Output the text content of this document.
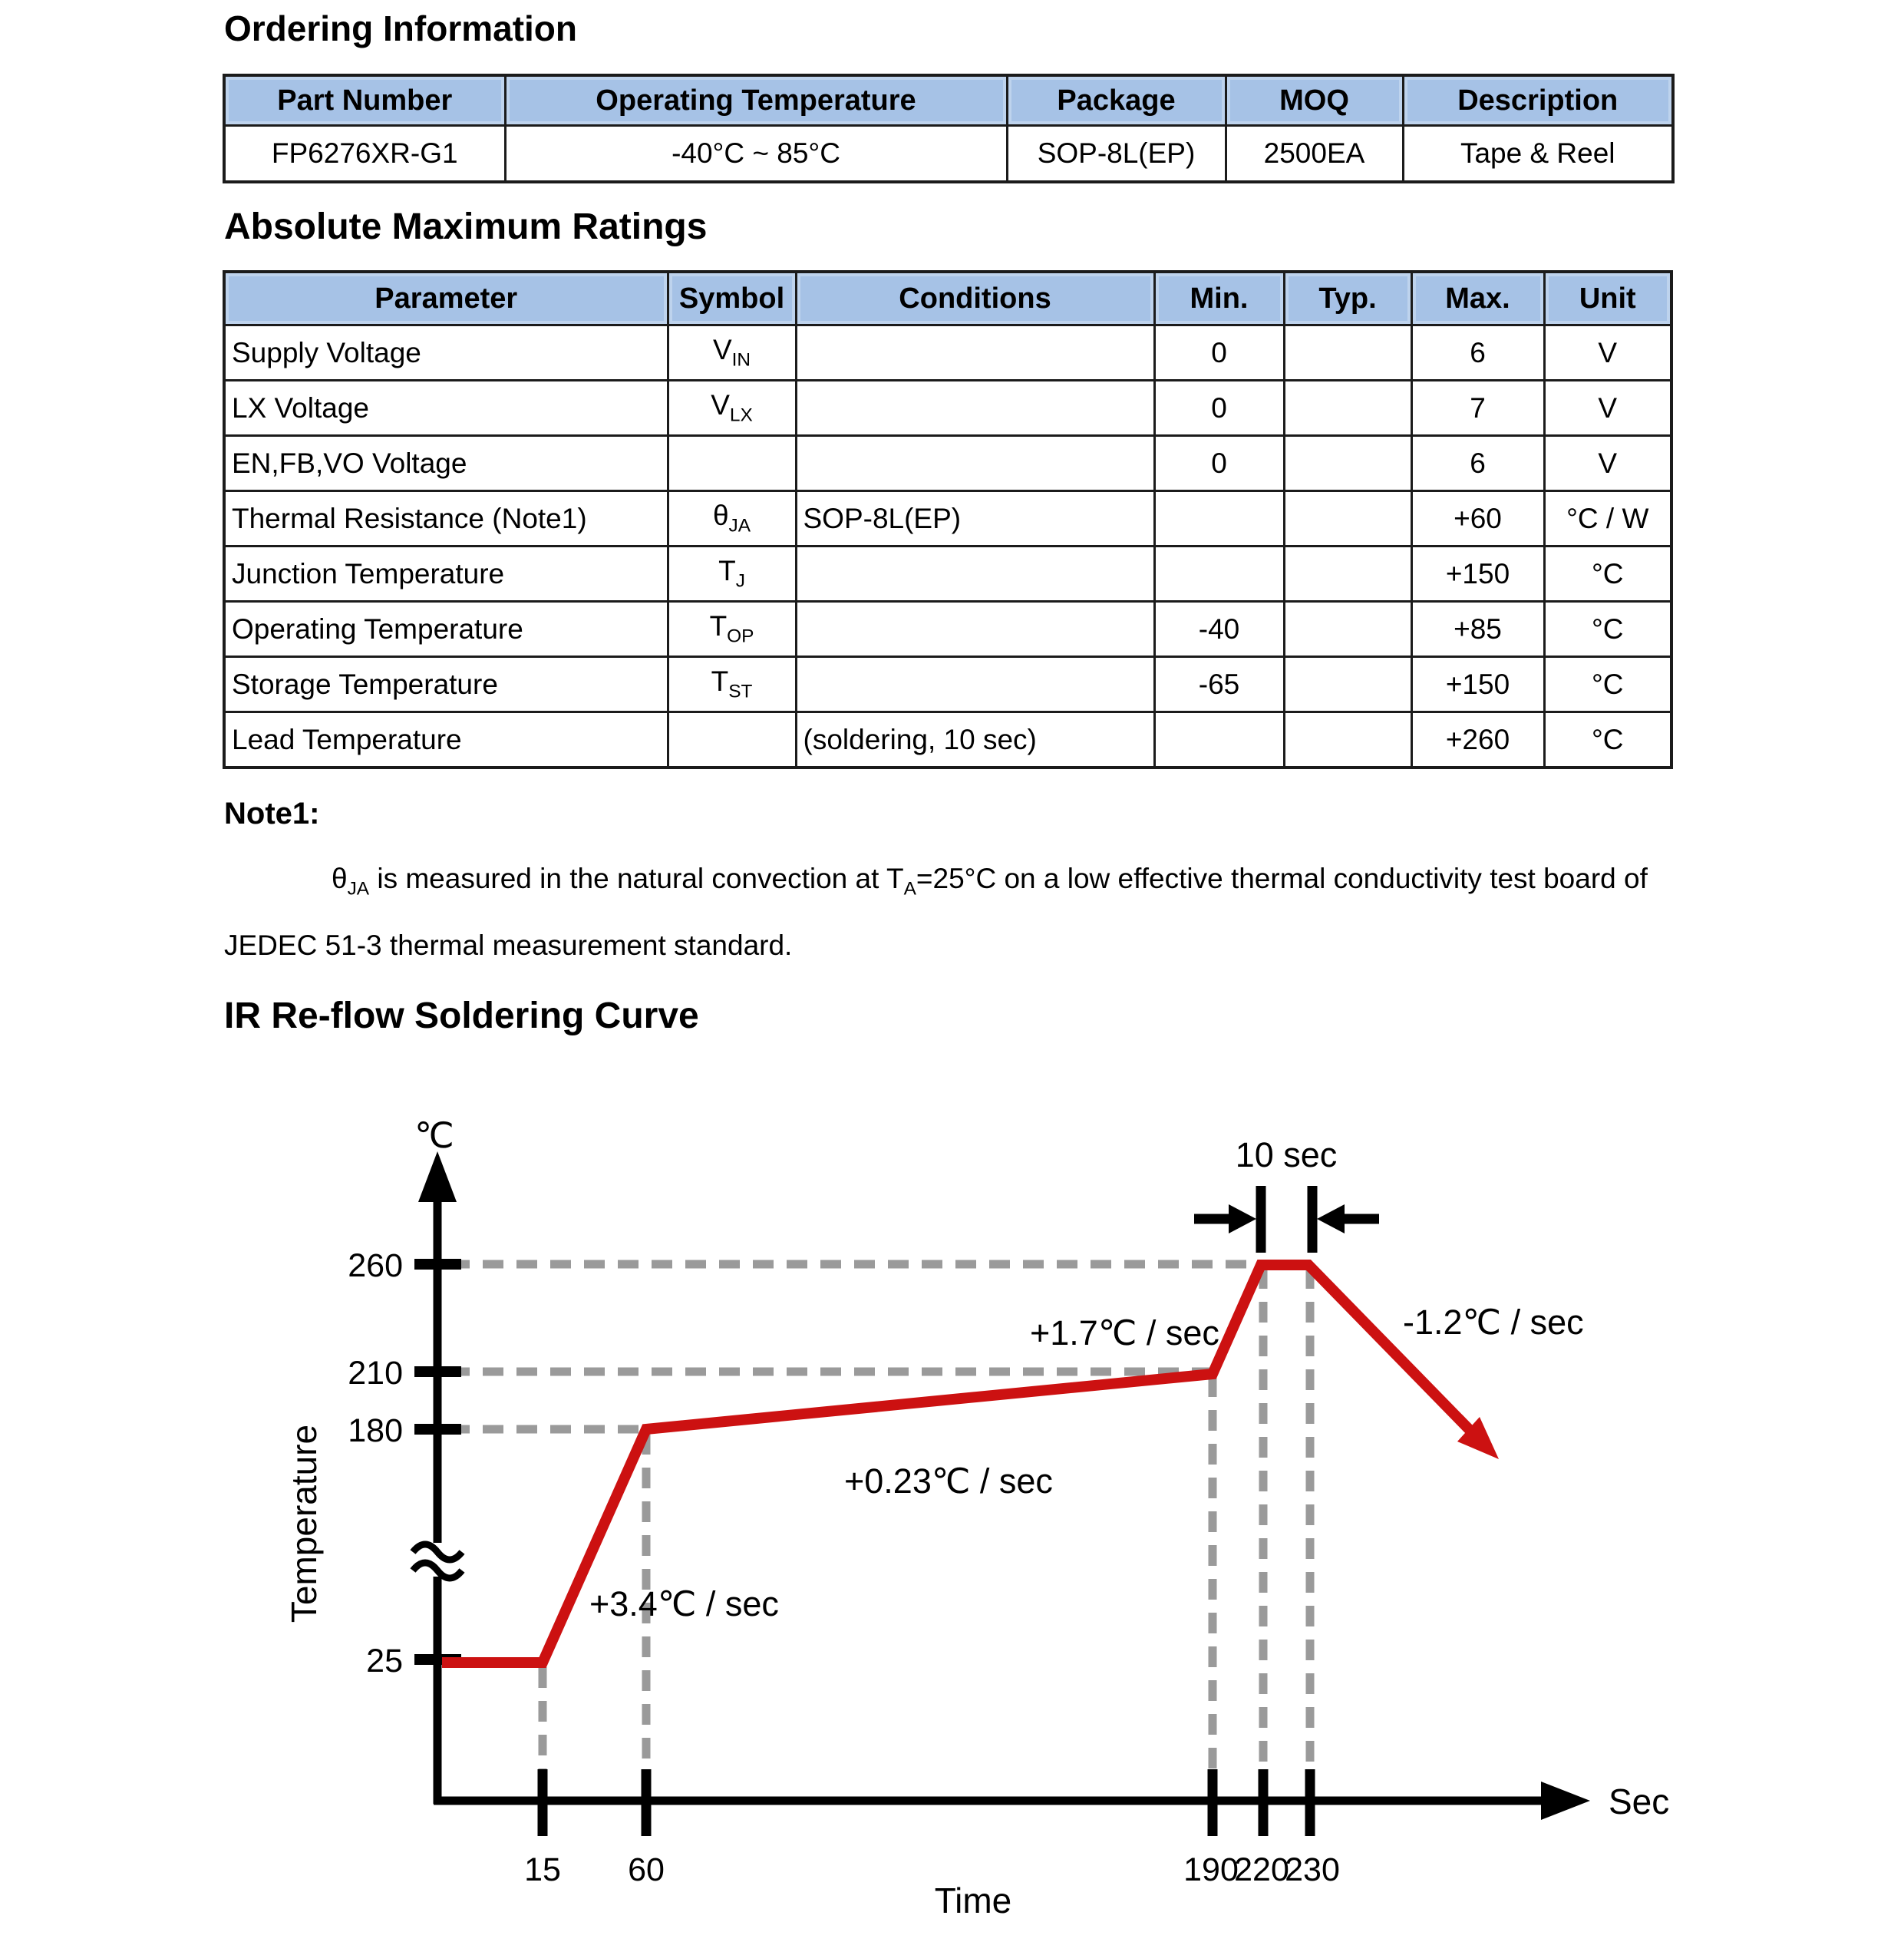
Ordering Information
Part Number	Operating Temperature	Package	MOQ	Description
FP6276XR-G1	-40°C ~ 85°C	SOP-8L(EP)	2500EA	Tape & Reel
Absolute Maximum Ratings
Parameter	Symbol	Conditions	Min.	Typ.	Max.	Unit
Supply Voltage	$V_{IN}$		0		6	V
LX Voltage	$V_{LX}$		0		7	V
EN,FB,VO Voltage			0		6	V
Thermal Resistance (Note1)	$\theta_{JA}$	SOP-8L(EP)			+60	°C / W
Junction Temperature	$T_J$				+150	°C
Operating Temperature	$T_{OP}$		-40		+85	°C
Storage Temperature	$T_{ST}$		-65		+150	°C
Lead Temperature		(soldering, 10 sec)			+260	°C
Note1:
$\theta_{JA}$ is measured in the natural convection at $T_A=25^\circ C$ on a low effective thermal conductivity test board of JEDEC 51-3 thermal measurement standard.
IR Re-flow Soldering Curve
℃
Sec
260
210
180
25
15 60	190
220
230
10 sec
+3.4℃ / sec
+0.23℃ / sec
+1.7℃ / sec	-1.2℃ / sec
Temperature
Time
